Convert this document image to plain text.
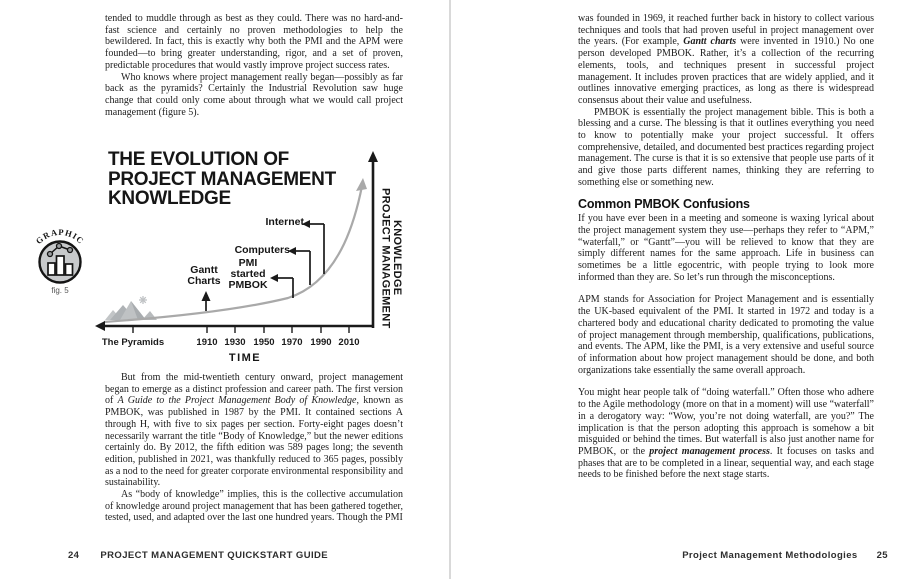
tended to muddle through as best as they could. There was no hard-and-fast science and certainly no proven methodologies to help the bewildered. In fact, this is exactly why both the PMI and the APM were founded—to bring greater understanding, rigor, and a set of proven, predictable procedures that would vastly improve project success rates.

Who knows where project management really began—possibly as far back as the pyramids? Certainly the Industrial Revolution saw huge change that could only come about through what we would call project management (figure 5).

GRAPHIC
fig. 5
THE EVOLUTION OF
PROJECT MANAGEMENT
KNOWLEDGE
The Pyramids	1910 1930 1950 1970 1990 2010
TIME
Gantt Charts
PMI started PMBOK
Computers
Internet	PROJECT MANAGEMENT KNOWLEDGE

But from the mid-twentieth century onward, project management began to emerge as a distinct profession and career path. The first version of A Guide to the Project Management Body of Knowledge, known as PMBOK, was published in 1987 by the PMI. It contained sections A through H, with five to six pages per section. Forty-eight pages doesn’t necessarily warrant the title “Body of Knowledge,” but the newer editions certainly do. By 2012, the fifth edition was 589 pages long; the seventh edition, published in 2021, was thankfully reduced to 365 pages, possibly as a nod to the need for greater corporate environmental responsibility and sustainability.

As “body of knowledge” implies, this is the collective accumulation of knowledge around project management that has been gathered together, tested, used, and adapted over the last one hundred years. Though the PMI

24 PROJECT MANAGEMENT QUICKSTART GUIDE

was founded in 1969, it reached further back in history to collect various techniques and tools that had proven useful in project management over the years. (For example, Gantt charts were invented in 1910.) No one person developed PMBOK. Rather, it’s a collection of the recurring elements, tools, and techniques present in successful project management. It includes proven practices that are widely applied, and it outlines innovative emerging practices, as long as there is widespread consensus about their value and usefulness.

PMBOK is essentially the project management bible. This is both a blessing and a curse. The blessing is that it outlines everything you need to know to potentially make your project successful. It offers comprehensive, detailed, and documented best practices regarding project management. The curse is that it is so extensive that people use parts of it and give those parts different names, thinking they are referring to something else or something new.

Common PMBOK Confusions

If you have ever been in a meeting and someone is waxing lyrical about the project management system they use—perhaps they refer to “APM,” “waterfall,” or “Gantt”—you will be relieved to know that they are simply different names for the same approach. Life in business can sometimes be a little egocentric, with people trying to look more informed than they are. So let’s run through the misconceptions.

APM stands for Association for Project Management and is essentially the UK-based equivalent of the PMI. It started in 1972 and today is a chartered body and educational charity dedicated to promoting the value of project management through membership, qualifications, publications, and events. The APM, like the PMI, is a very extensive and useful source of information about how project management should be done, and both organizations take essentially the same overall approach.

You might hear people talk of “doing waterfall.” Often those who adhere to the Agile methodology (more on that in a moment) will use “waterfall” in a derogatory way: “Wow, you’re not doing waterfall, are you?” The implication is that the person adopting this approach is somehow a bit misguided or behind the times. But waterfall is also just another name for PMBOK, or the project management process. It focuses on tasks and phases that are to be completed in a linear, sequential way, and each stage needs to be finished before the next stage starts.

Project Management Methodologies 25
